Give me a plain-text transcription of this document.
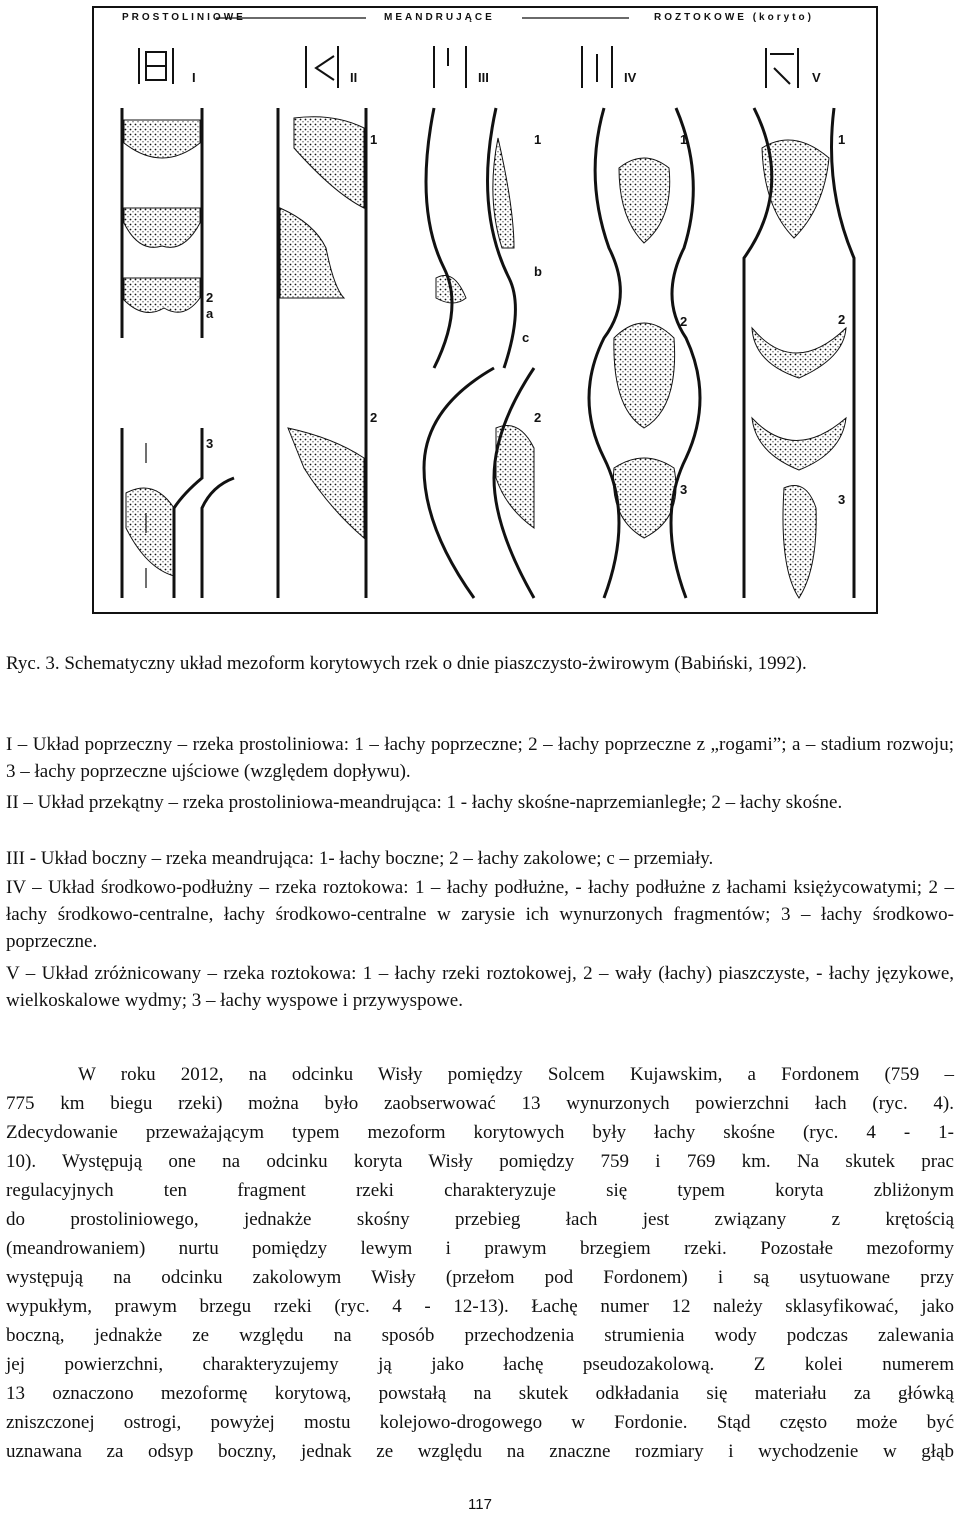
PROSTOLINIOWE	MEANDRUJĄCE	ROZTOKOWE (koryto)
I	II	III	IV	V
2
a
3
1
2
1
b
c
2
1
2
3
1
2
3
Ryc. 3. Schematyczny układ mezoform korytowych rzek o dnie piaszczysto-żwirowym (Babiński, 1992).
I – Układ poprzeczny – rzeka prostoliniowa: 1 – łachy poprzeczne; 2 – łachy poprzeczne z „rogami”; a – stadium rozwoju; 3 – łachy poprzeczne ujściowe (względem dopływu).
II – Układ przekątny – rzeka prostoliniowa-meandrująca: 1 - łachy skośne-naprzemianległe; 2 – łachy skośne.
III - Układ boczny – rzeka meandrująca: 1- łachy boczne; 2 – łachy zakolowe; c – przemiały.
IV – Układ środkowo-podłużny – rzeka roztokowa: 1 – łachy podłużne, - łachy podłużne z łachami księżycowatymi; 2 – łachy środkowo-centralne, łachy środkowo-centralne w zarysie ich wynurzonych fragmentów; 3 – łachy środkowo-poprzeczne.
V – Układ zróżnicowany – rzeka roztokowa: 1 – łachy rzeki roztokowej, 2 – wały (łachy) piaszczyste, - łachy językowe, wielkoskalowe wydmy; 3 – łachy wyspowe i przywyspowe.
W roku 2012, na odcinku Wisły pomiędzy Solcem Kujawskim, a Fordonem (759 –
775 km biegu rzeki) można było zaobserwować 13 wynurzonych powierzchni łach (ryc. 4).
Zdecydowanie przeważającym typem mezoform korytowych były łachy skośne (ryc. 4 - 1-
10). Występują one na odcinku koryta Wisły pomiędzy 759 i 769 km. Na skutek prac
regulacyjnych ten fragment rzeki charakteryzuje się typem koryta zbliżonym
do prostoliniowego, jednakże skośny przebieg łach jest związany z krętością
(meandrowaniem) nurtu pomiędzy lewym i prawym brzegiem rzeki. Pozostałe mezoformy
występują na odcinku zakolowym Wisły (przełom pod Fordonem) i są usytuowane przy
wypukłym, prawym brzegu rzeki (ryc. 4 - 12-13). Łachę numer 12 należy sklasyfikować, jako
boczną, jednakże ze względu na sposób przechodzenia strumienia wody podczas zalewania
jej powierzchni, charakteryzujemy ją jako łachę pseudozakolową. Z kolei numerem
13 oznaczono mezoformę korytową, powstałą na skutek odkładania się materiału za główką
zniszczonej ostrogi, powyżej mostu kolejowo-drogowego w Fordonie. Stąd często może być
uznawana za odsyp boczny, jednak ze względu na znaczne rozmiary i wychodzenie w głąb
117
